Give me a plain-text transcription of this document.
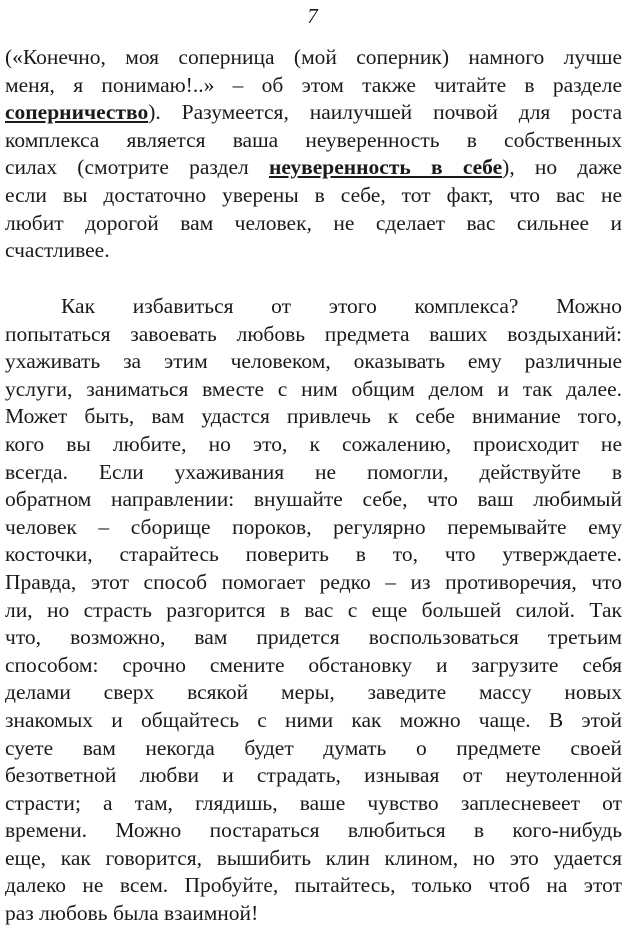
7
(«Конечно, моя соперница (мой соперник) намного лучше
меня, я понимаю!..» – об этом также читайте в разделе
соперничество). Разумеется, наилучшей почвой для роста
комплекса является ваша неуверенность в собственных
силах (смотрите раздел неуверенность в себе), но даже
если вы достаточно уверены в себе, тот факт, что вас не
любит дорогой вам человек, не сделает вас сильнее и
счастливее.
Как избавиться от этого комплекса? Можно
попытаться завоевать любовь предмета ваших воздыханий:
ухаживать за этим человеком, оказывать ему различные
услуги, заниматься вместе с ним общим делом и так далее.
Может быть, вам удастся привлечь к себе внимание того,
кого вы любите, но это, к сожалению, происходит не
всегда. Если ухаживания не помогли, действуйте в
обратном направлении: внушайте себе, что ваш любимый
человек – сборище пороков, регулярно перемывайте ему
косточки, старайтесь поверить в то, что утверждаете.
Правда, этот способ помогает редко – из противоречия, что
ли, но страсть разгорится в вас с еще большей силой. Так
что, возможно, вам придется воспользоваться третьим
способом: срочно смените обстановку и загрузите себя
делами сверх всякой меры, заведите массу новых
знакомых и общайтесь с ними как можно чаще. В этой
суете вам некогда будет думать о предмете своей
безответной любви и страдать, изнывая от неутоленной
страсти; а там, глядишь, ваше чувство заплесневеет от
времени. Можно постараться влюбиться в кого-нибудь
еще, как говорится, вышибить клин клином, но это удается
далеко не всем. Пробуйте, пытайтесь, только чтоб на этот
раз любовь была взаимной!
